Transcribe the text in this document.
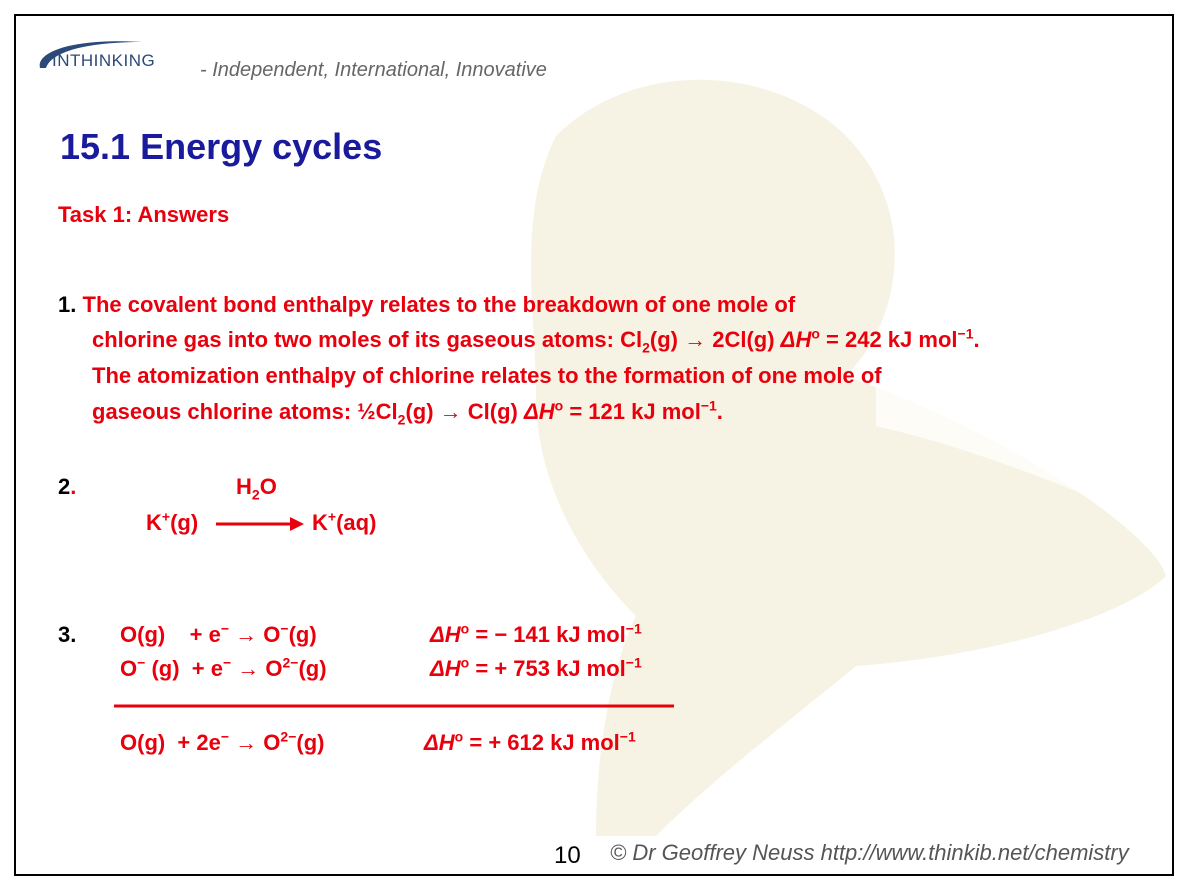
INTHINKING - Independent, International, Innovative
15.1 Energy cycles
Task 1: Answers
1. The covalent bond enthalpy relates to the breakdown of one mole of
chlorine gas into two moles of its gaseous atoms: $Cl_2(g) \to 2Cl(g) \Delta H^o = 242$ kJ mol$^{-1}$.
The atomization enthalpy of chlorine relates to the formation of one mole of
gaseous chlorine atoms: $\frac{1}{2}Cl_2(g) \to Cl(g) \Delta H^o = 121$ kJ mol$^{-1}$.
2.	$H_2O$
K+(g)	K+(aq)
3. O(g)    + e− → O−(g)	$\Delta H^o$ = − 141 kJ mol$^{-1}$
O− $(g) + e^- \to O^{2-}(g)$	$\Delta H^o$ = + 753 kJ mol$^{-1}$
$O(g) + 2e^- \to O^{2-}(g)$	$\Delta H^o$ = + 612 kJ mol$^{-1}$
10 © Dr Geoffrey Neuss http://www.thinkib.net/chemistry
